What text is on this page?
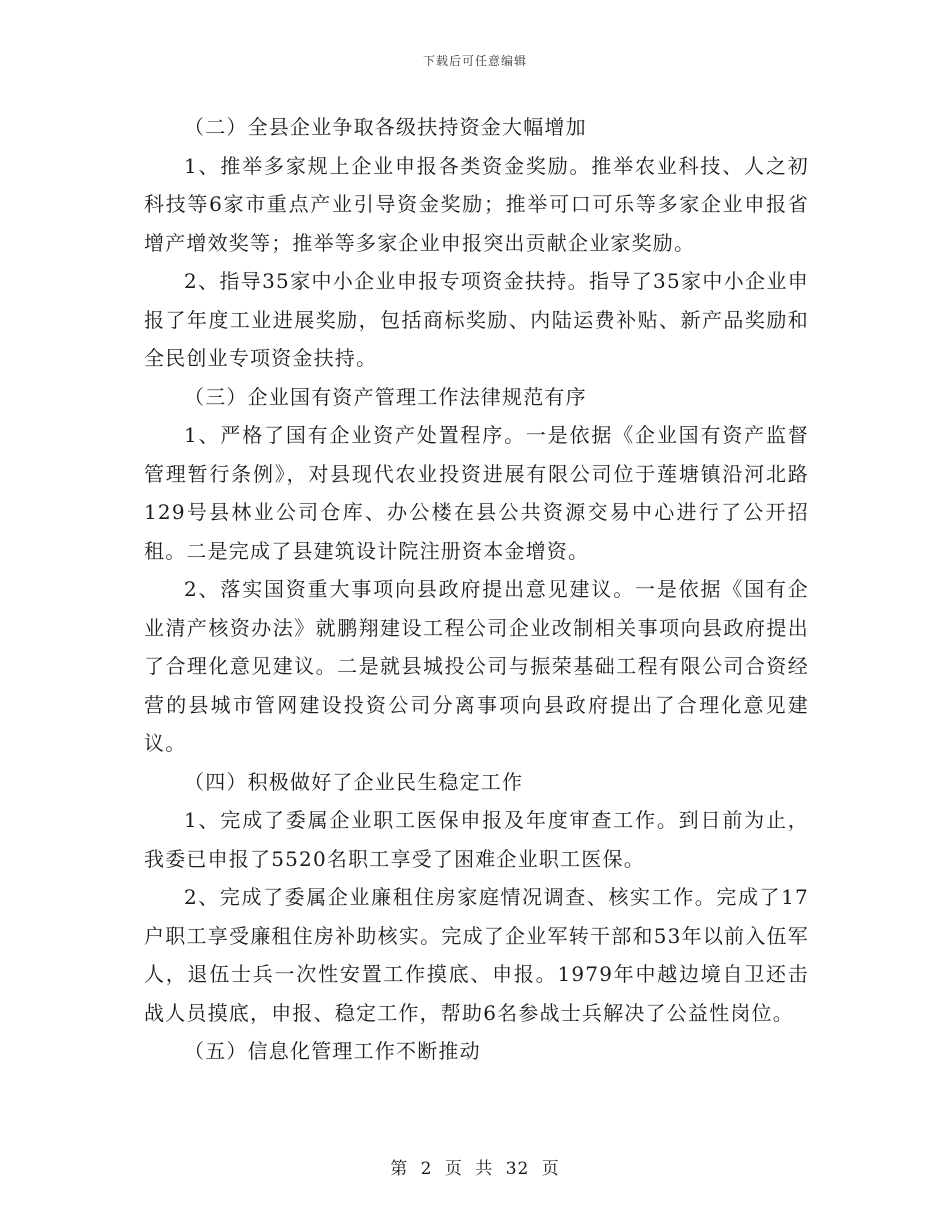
下载后可任意编辑

（二）全县企业争取各级扶持资金大幅增加

1、推举多家规上企业申报各类资金奖励。推举农业科技、人之初科技等6家市重点产业引导资金奖励；推举可口可乐等多家企业申报省增产增效奖等；推举等多家企业申报突出贡献企业家奖励。

2、指导35家中小企业申报专项资金扶持。指导了35家中小企业申报了年度工业进展奖励，包括商标奖励、内陆运费补贴、新产品奖励和全民创业专项资金扶持。

（三）企业国有资产管理工作法律规范有序

1、严格了国有企业资产处置程序。一是依据《企业国有资产监督管理暂行条例》，对县现代农业投资进展有限公司位于莲塘镇沿河北路129号县林业公司仓库、办公楼在县公共资源交易中心进行了公开招租。二是完成了县建筑设计院注册资本金增资。

2、落实国资重大事项向县政府提出意见建议。一是依据《国有企业清产核资办法》就鹏翔建设工程公司企业改制相关事项向县政府提出了合理化意见建议。二是就县城投公司与振荣基础工程有限公司合资经营的县城市管网建设投资公司分离事项向县政府提出了合理化意见建议。

（四）积极做好了企业民生稳定工作

1、完成了委属企业职工医保申报及年度审查工作。到日前为止，我委已申报了5520名职工享受了困难企业职工医保。

2、完成了委属企业廉租住房家庭情况调查、核实工作。完成了17户职工享受廉租住房补助核实。完成了企业军转干部和53年以前入伍军人，退伍士兵一次性安置工作摸底、申报。1979年中越边境自卫还击战人员摸底，申报、稳定工作，帮助6名参战士兵解决了公益性岗位。

（五）信息化管理工作不断推动

第 2 页 共 32 页
